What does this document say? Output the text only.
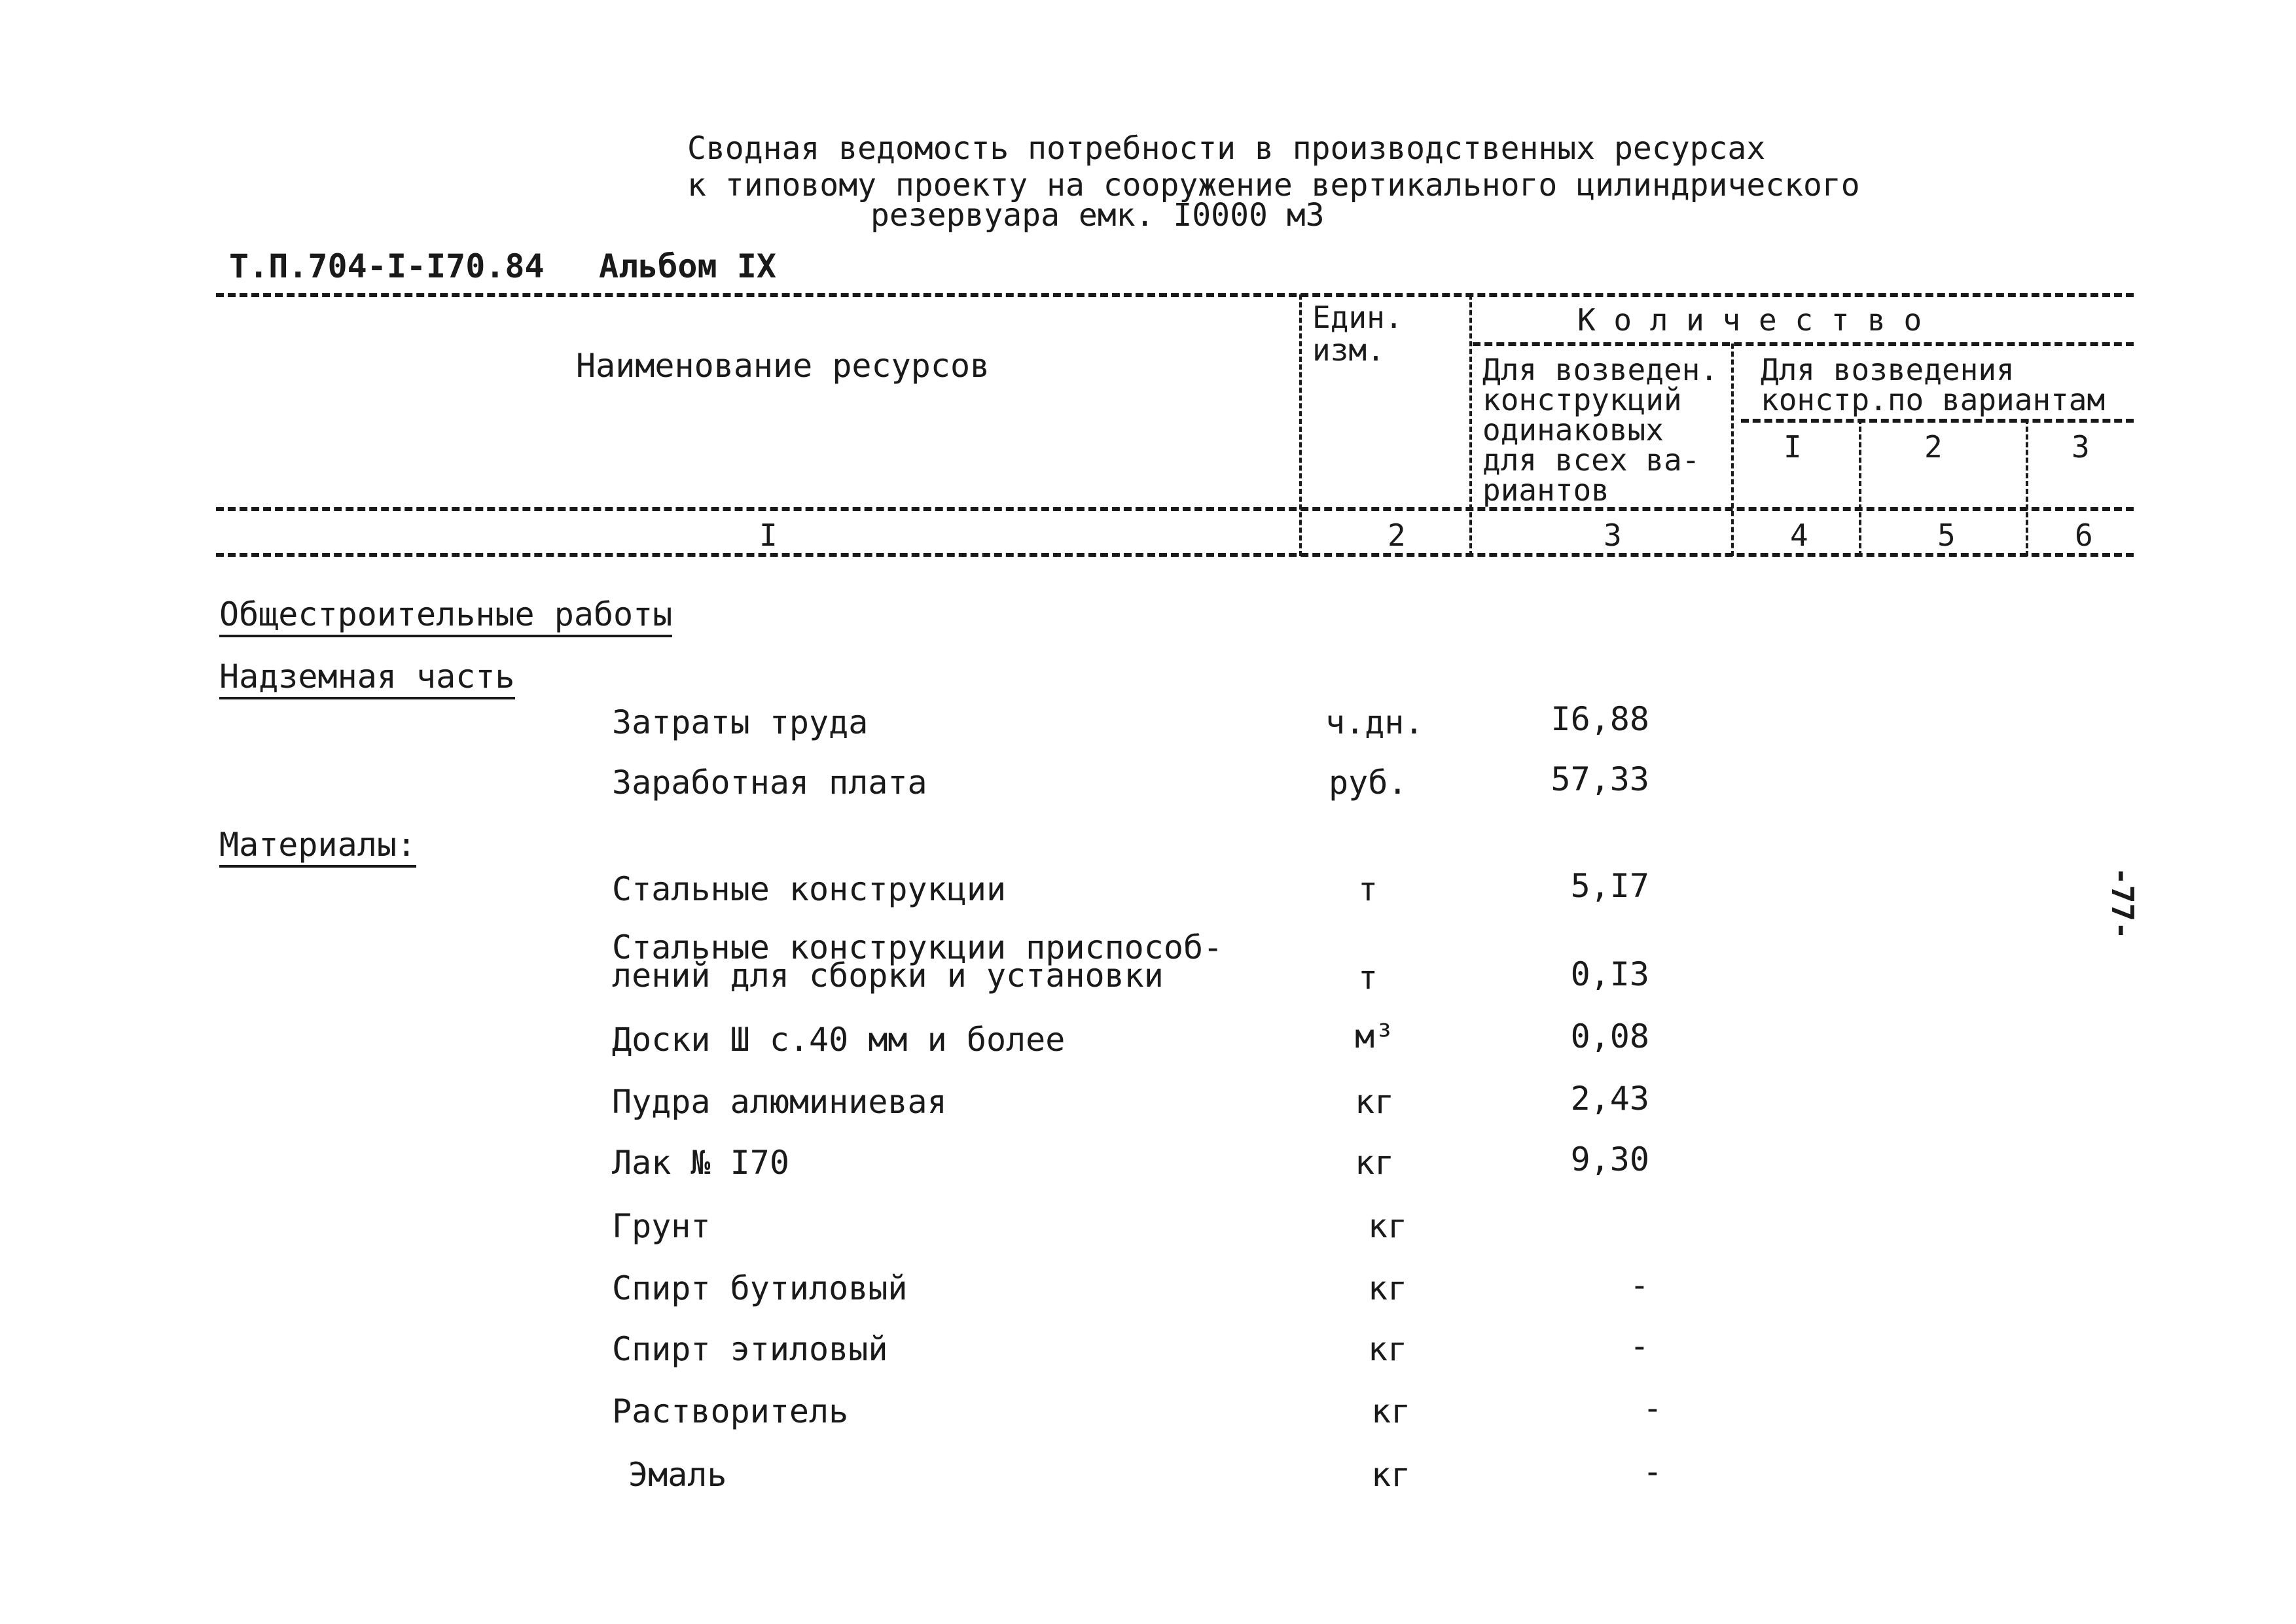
Сводная ведомость потребности в производственных ресурсах
к типовому проекту на сооружение вертикального цилиндрического
резервуара емк. I0000 м3
Т.П.704-I-I70.84 Альбом IX
Наименование ресурсов
Един.
изм.
К о л и ч е с т в о
Для возведен.
конструкций
одинаковых
для всех ва-
риантов
Для возведения
констр.по вариантам
I	2	3
I	2	3	4	5	6
Общестроительные работы
Надземная часть
Затраты труда	ч.дн.	I6,88
Заработная плата	руб.	57,33
Материалы:
Стальные конструкции	т	5,I7
Стальные конструкции приспособ-
лений для сборки и установки	т	0,I3
Доски Ш с.40 мм и более	м³	0,08
Пудра алюминиевая	кг	2,43
Лак № I70	кг	9,30
Грунт	кг
Спирт бутиловый	кг	-
Спирт этиловый	кг	-
Растворитель	кг	-
Эмаль	кг	-
-77-
